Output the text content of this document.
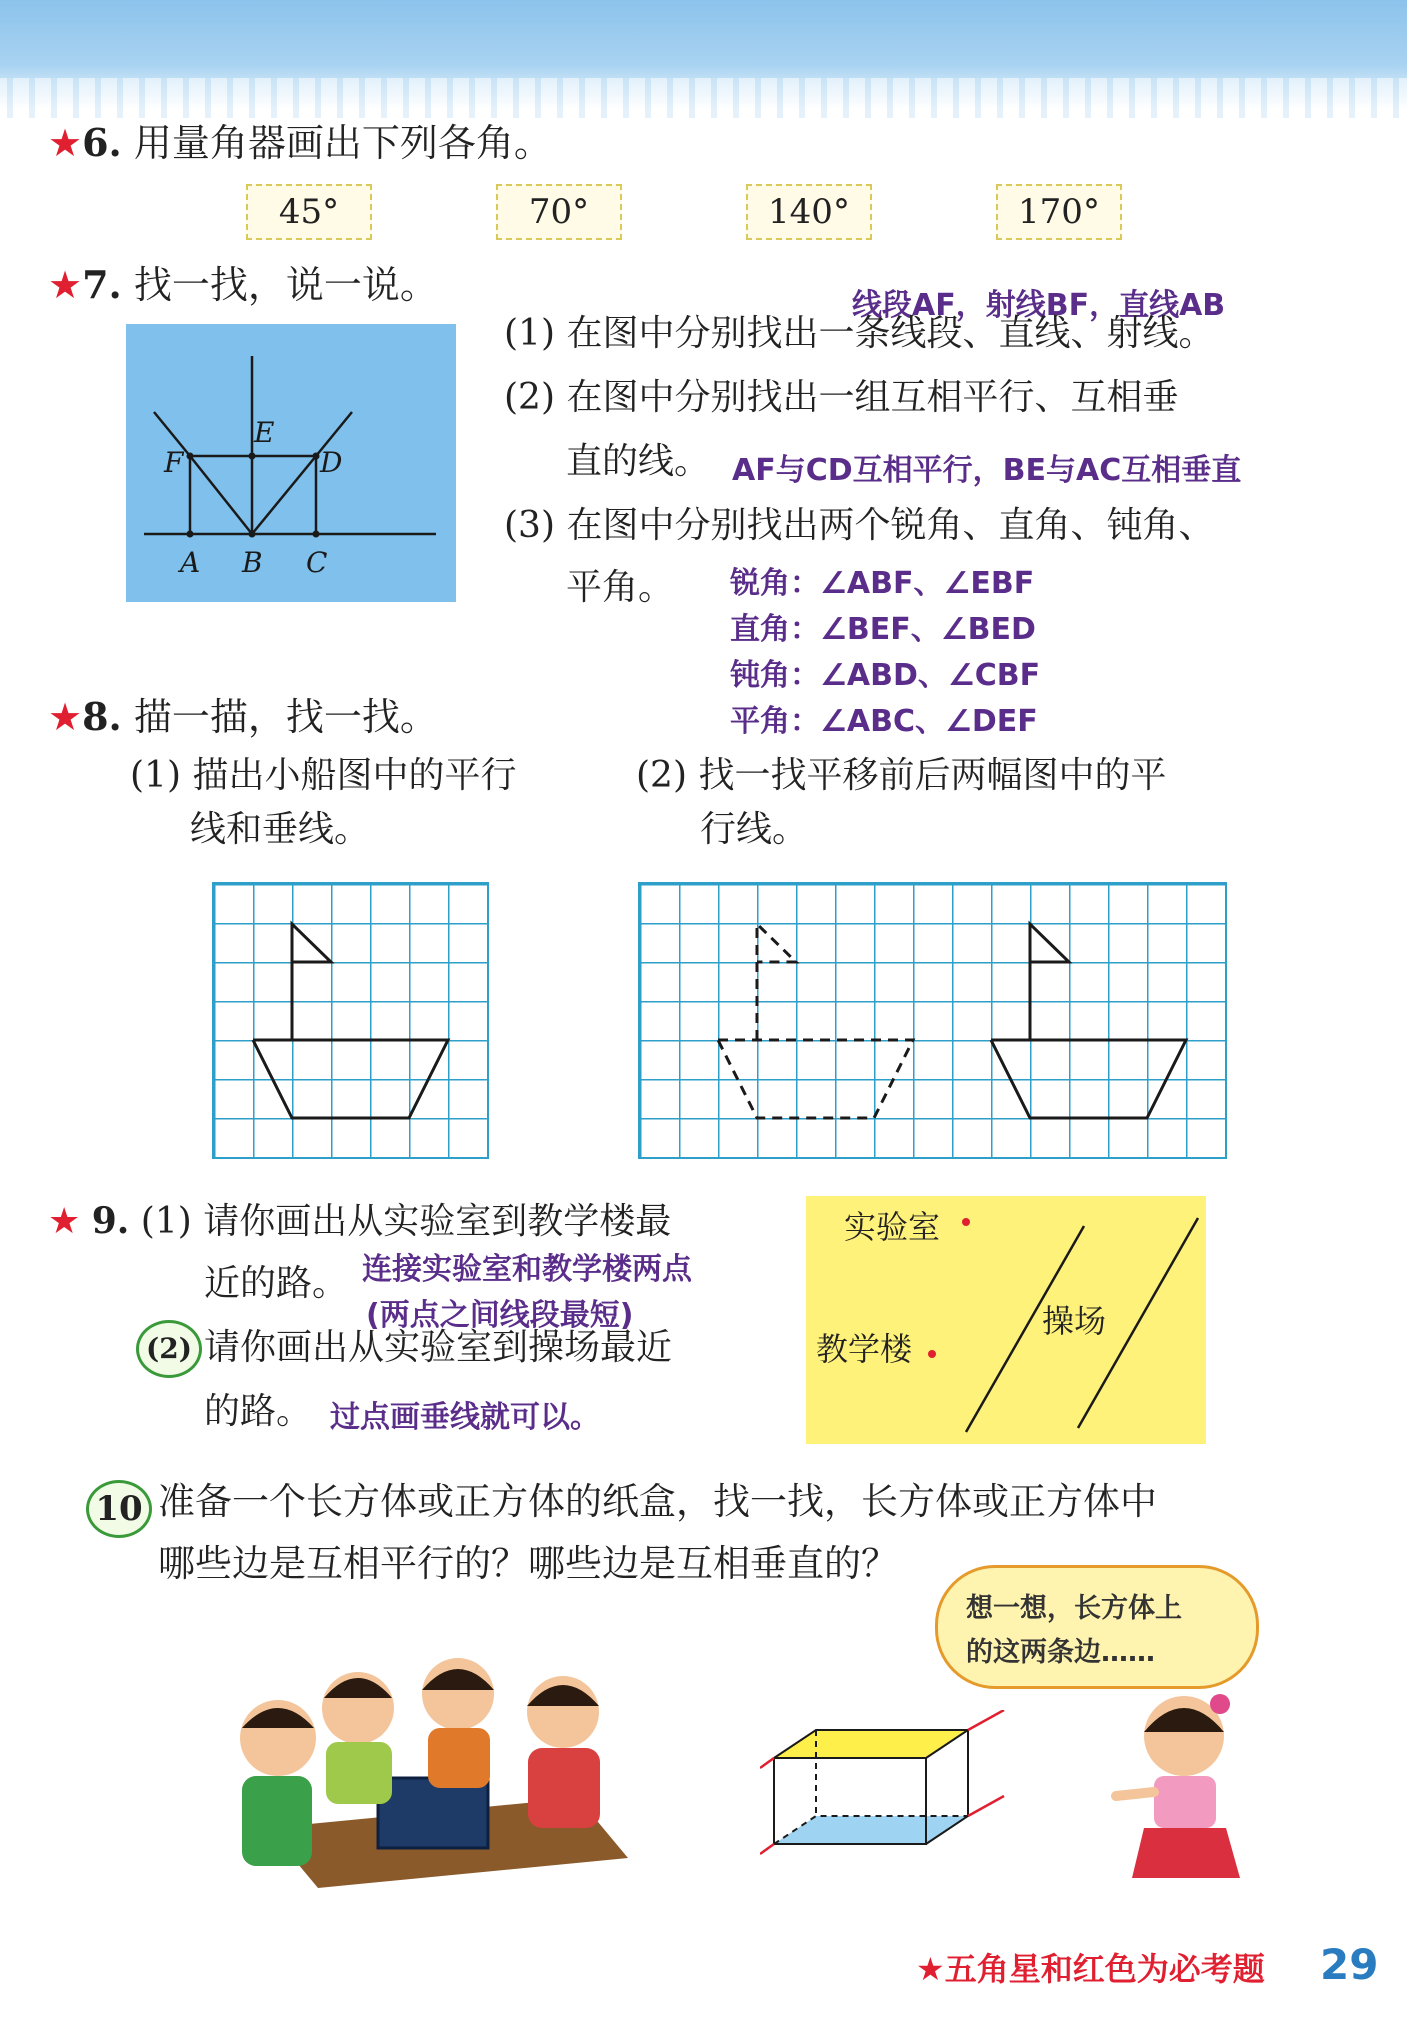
★6. 用量角器画出下列各角。
45°	70°	140°	170°
★7. 找一找，说一说。	线段AF，射线BF，直线AB
A B C
D
E
F
(1) 在图中分别找出一条线段、直线、射线。
(2) 在图中分别找出一组互相平行、互相垂
直的线。 AF与CD互相平行，BE与AC互相垂直
(3) 在图中分别找出两个锐角、直角、钝角、
平角。 锐角：∠ABF、∠EBF
直角：∠BEF、∠BED
钝角：∠ABD、∠CBF
平角：∠ABC、∠DEF
★8. 描一描，找一找。
(1) 描出小船图中的平行
线和垂线。
(2) 找一找平移前后两幅图中的平
行线。
★ 9. (1) 请你画出从实验室到教学楼最
近的路。 连接实验室和教学楼两点
(两点之间线段最短)
(2) 请你画出从实验室到操场最近
的路。 过点画垂线就可以。
实验室
教学楼
操场
10 准备一个长方体或正方体的纸盒，找一找，长方体或正方体中
哪些边是互相平行的？哪些边是互相垂直的？
想一想，长方体上
的这两条边……
★五角星和红色为必考题 29
